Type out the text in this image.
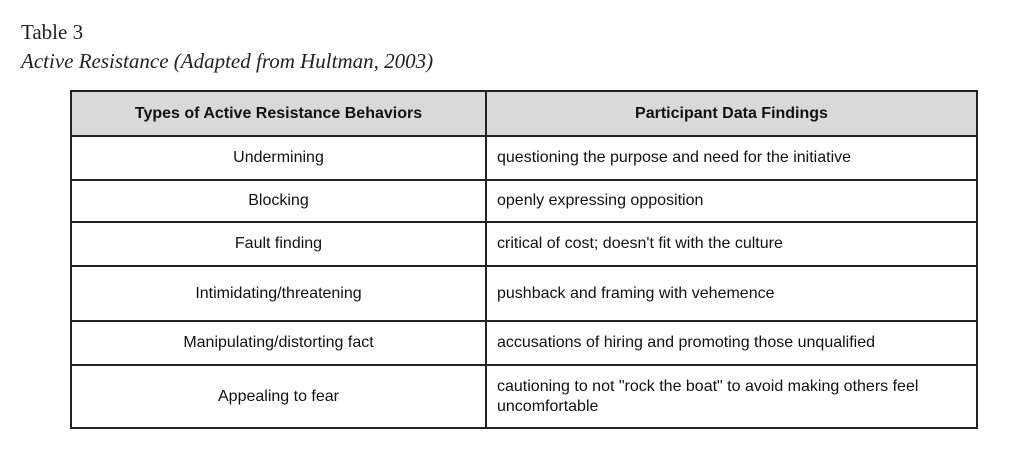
Table 3
Active Resistance (Adapted from Hultman, 2003)
Types of Active Resistance Behaviors	Participant Data Findings
Undermining	questioning the purpose and need for the initiative
Blocking	openly expressing opposition
Fault finding	critical of cost; doesn't fit with the culture
Intimidating/threatening	pushback and framing with vehemence
Manipulating/distorting fact	accusations of hiring and promoting those unqualified
Appealing to fear	cautioning to not "rock the boat" to avoid making others feel uncomfortable
